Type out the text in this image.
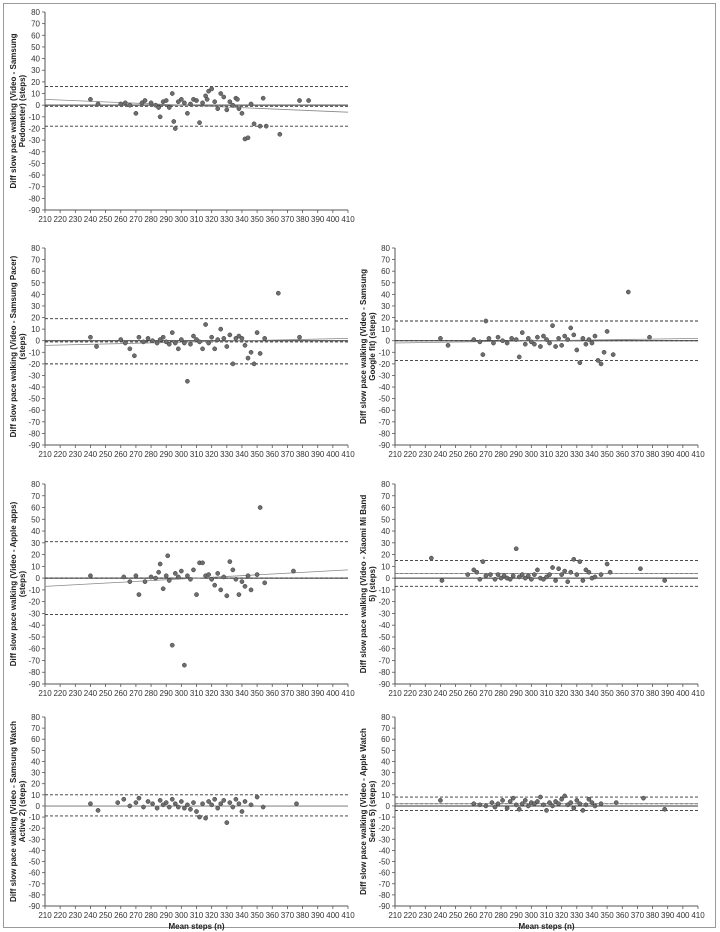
-90
-80
-70
-60
-50
-40
-30
-20
-10
0
10
20
30
40
50
60
70
80
210 220 230 240 250 260 270 280 290 300 310 320 330 340 350 360 370 380 390 400 410
Diff slow pace walking (Video - Samsung Pedometer) (steps)
-90
-80
-70
-60
-50
-40
-30
-20
-10
0
10
20
30
40
50
60
70
80
210 220 230 240 250 260 270 280 290 300 310 320 330 340 350 360 370 380 390 400 410
Diff slow pace walking (Video - Samsung Pacer) (steps)
-90
-80
-70
-60
-50
-40
-30
-20
-10
0
10
20
30
40
50
60
70
80
210 220 230 240 250 260 270 280 290 300 310 320 330 340 350 360 370 380 390 400 410
Diff slow pace walking (Video - Samsung Google fit) (steps)
-90
-80
-70
-60
-50
-40
-30
-20
-10
0
10
20
30
40
50
60
70
80
210 220 230 240 250 260 270 280 290 300 310 320 330 340 350 360 370 380 390 400 410
Diff slow pace walking (Video - Apple apps) (steps)
-90
-80
-70
-60
-50
-40
-30
-20
-10
0
10
20
30
40
50
60
70
80
210 220 230 240 250 260 270 280 290 300 310 320 330 340 350 360 370 380 390 400 410
Diff slow pace walking (Video - Xiaomi Mi Band 5) (steps)
-90
-80
-70
-60
-50
-40
-30
-20
-10
0
10
20
30
40
50
60
70
80
210 220 230 240 250 260 270 280 290 300 310 320 330 340 350 360 370 380 390 400 410
Diff slow pace walking (Video - Samsung Watch Active 2) (steps)
Mean steps (n)
-90
-80
-70
-60
-50
-40
-30
-20
-10
0
10
20
30
40
50
60
70
80
210 220 230 240 250 260 270 280 290 300 310 320 330 340 350 360 370 380 390 400 410
Diff slow pace walking (Video - Apple Watch Series 5) (steps)
Mean steps (n)
